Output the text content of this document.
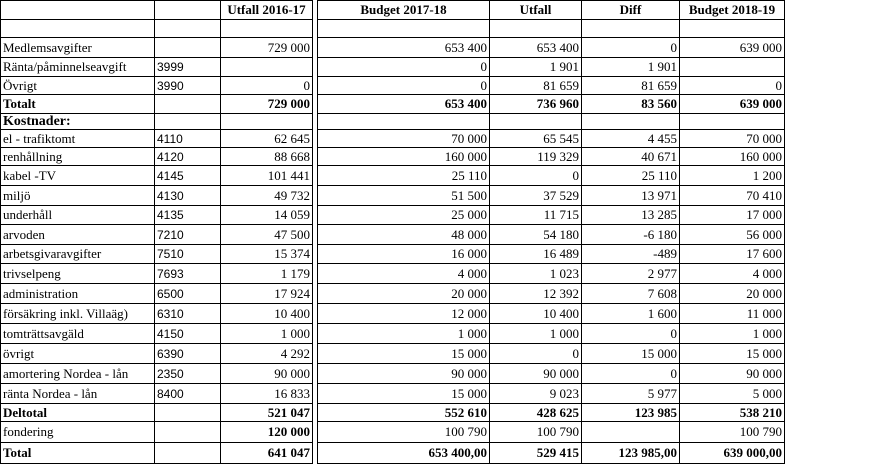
		Utfall 2016-17		Budget 2017-18	Utfall	Diff	Budget 2018-19

Medlemsavgifter		729 000		653 400	653 400	0	639 000
Ränta/påminnelseavgift	3999			0	1 901	1 901	
Övrigt	3990	0		0	81 659	81 659	0
Totalt		729 000		653 400	736 960	83 560	639 000
Kostnader:							
el - trafiktomt	4110	62 645		70 000	65 545	4 455	70 000
renhållning	4120	88 668		160 000	119 329	40 671	160 000
kabel -TV	4145	101 441		25 110	0	25 110	1 200
miljö	4130	49 732		51 500	37 529	13 971	70 410
underhåll	4135	14 059		25 000	11 715	13 285	17 000
arvoden	7210	47 500		48 000	54 180	-6 180	56 000
arbetsgivaravgifter	7510	15 374		16 000	16 489	-489	17 600
trivselpeng	7693	1 179		4 000	1 023	2 977	4 000
administration	6500	17 924		20 000	12 392	7 608	20 000
försäkring inkl. Villaäg)	6310	10 400		12 000	10 400	1 600	11 000
tomträttsavgäld	4150	1 000		1 000	1 000	0	1 000
övrigt	6390	4 292		15 000	0	15 000	15 000
amortering Nordea - lån	2350	90 000		90 000	90 000	0	90 000
ränta Nordea - lån	8400	16 833		15 000	9 023	5 977	5 000
Deltotal		521 047		552 610	428 625	123 985	538 210
fondering		120 000		100 790	100 790		100 790
Total		641 047		653 400,00	529 415	123 985,00	639 000,00
